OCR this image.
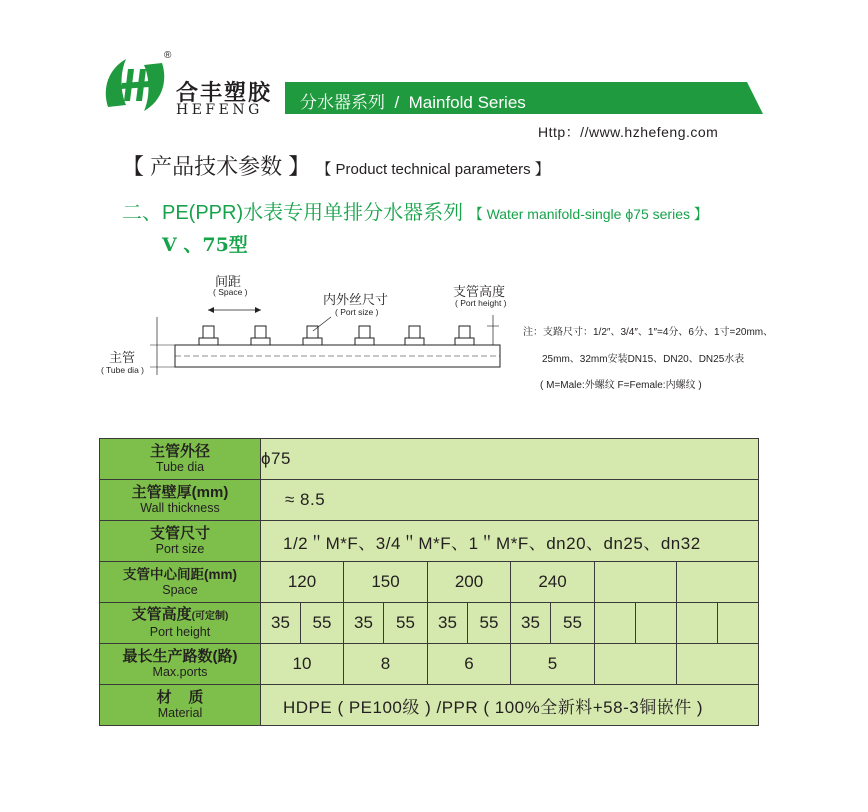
®
合丰塑胶
HEFENG 分水器系列  /  Mainfold Series
Http：//www.hzhefeng.com
【 产品技术参数 】 【 Product technical parameters 】
二、PE(PPR)水表专用单排分水器系列 【 Water manifold-single ϕ75 series 】
V 、75型
间距
( Space )	内外丝尺寸
( Port size )
支管高度
( Port height )
主管
( Tube dia )
注：支路尺寸：1/2″、3/4″、1″=4分、6分、1寸=20mm、
25mm、32mm安装DN15、DN20、DN25水表
( M=Male:外螺纹 F=Female:内螺纹 )
主管外径
Tube dia	ϕ75											

主管壁厚(mm)
Wall thickness	≈ 8.5											

支管尺寸
Port size	1/2＂M*F、3/4＂M*F、1＂M*F、dn20、dn25、dn32											

支管中心间距(mm)
Space	120		150		200		240					

支管高度(可定制)
Port height	35	55	35	55	35	55	35	55				

最长生产路数(路)
Max.ports	10		8		6		5					

材    质
Material	HDPE ( PE100级 ) /PPR ( 100%全新料+58-3铜嵌件 )											
